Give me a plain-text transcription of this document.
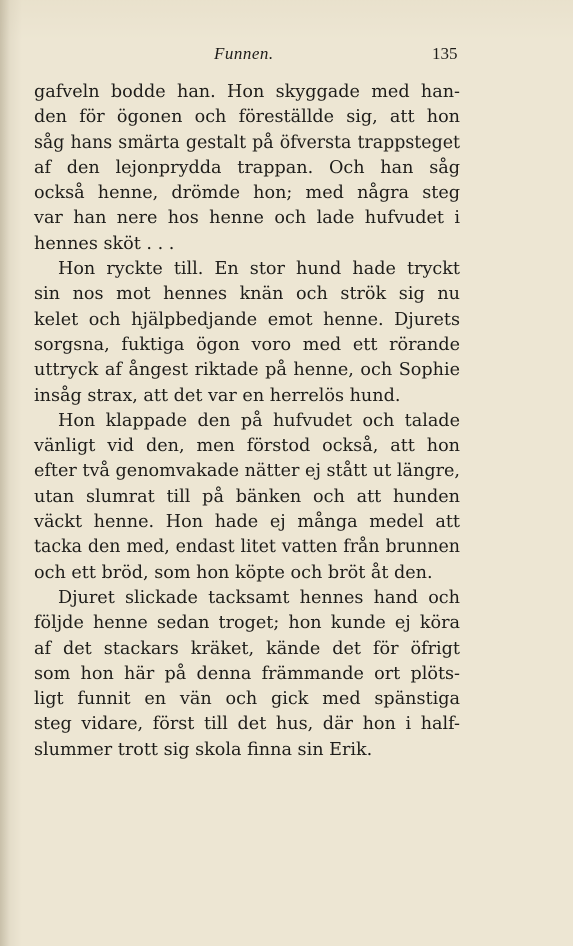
Funnen.	135
gafveln bodde han. Hon skyggade med han-
den för ögonen och föreställde sig, att hon
såg hans smärta gestalt på öfversta trappsteget
af den lejonprydda trappan. Och han såg
också henne, drömde hon; med några steg
var han nere hos henne och lade hufvudet i
hennes sköt . . .
Hon ryckte till. En stor hund hade tryckt
sin nos mot hennes knän och strök sig nu
kelet och hjälpbedjande emot henne. Djurets
sorgsna, fuktiga ögon voro med ett rörande
uttryck af ångest riktade på henne, och Sophie
insåg strax, att det var en herrelös hund.
Hon klappade den på hufvudet och talade
vänligt vid den, men förstod också, att hon
efter två genomvakade nätter ej stått ut längre,
utan slumrat till på bänken och att hunden
väckt henne. Hon hade ej många medel att
tacka den med, endast litet vatten från brunnen
och ett bröd, som hon köpte och bröt åt den.
Djuret slickade tacksamt hennes hand och
följde henne sedan troget; hon kunde ej köra
af det stackars kräket, kände det för öfrigt
som hon här på denna främmande ort plöts-
ligt funnit en vän och gick med spänstiga
steg vidare, först till det hus, där hon i half-
slummer trott sig skola finna sin Erik.
